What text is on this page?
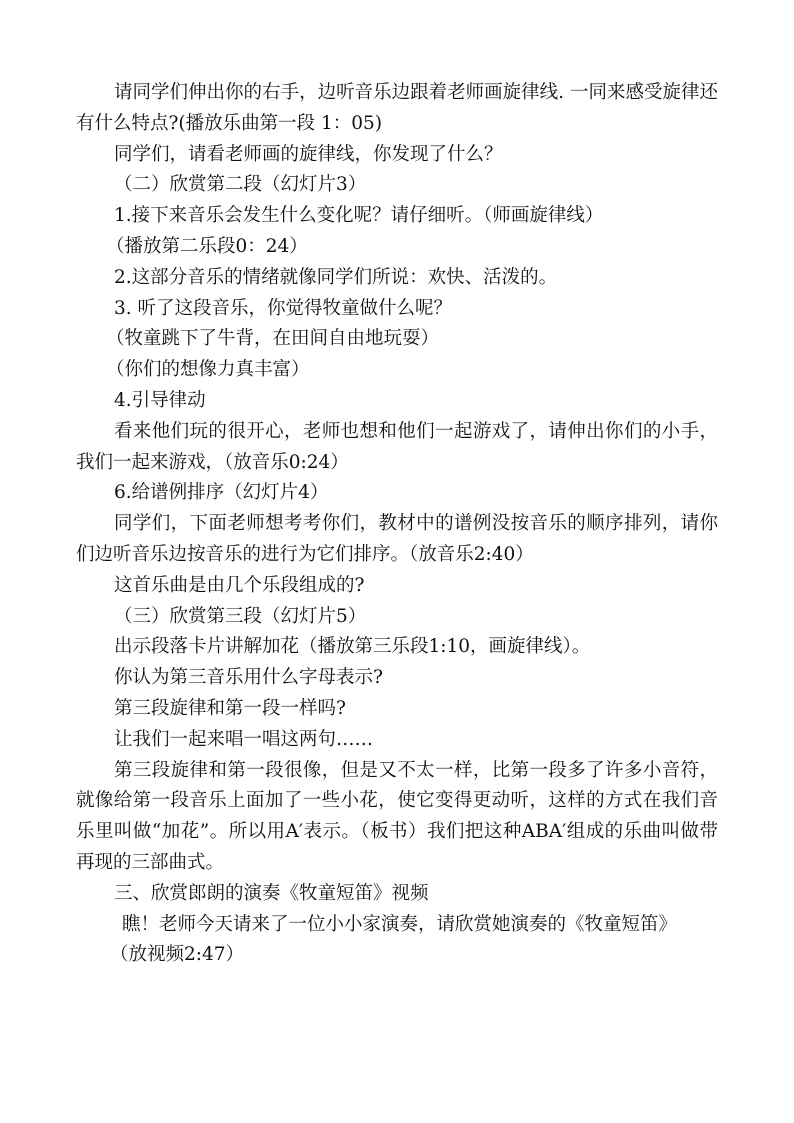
请同学们伸出你的右手，边听音乐边跟着老师画旋律线. 一同来感受旋律还有什么特点?(播放乐曲第一段 1：05)

同学们，请看老师画的旋律线，你发现了什么？

（二）欣赏第二段（幻灯片3）

1.接下来音乐会发生什么变化呢？请仔细听。（师画旋律线）

（播放第二乐段0：24）

2.这部分音乐的情绪就像同学们所说：欢快、活泼的。

3. 听了这段音乐，你觉得牧童做什么呢？

（牧童跳下了牛背，在田间自由地玩耍）

（你们的想像力真丰富）

4.引导律动

看来他们玩的很开心，老师也想和他们一起游戏了，请伸出你们的小手，我们一起来游戏，（放音乐0:24）

6.给谱例排序（幻灯片4）

同学们，下面老师想考考你们，教材中的谱例没按音乐的顺序排列，请你们边听音乐边按音乐的进行为它们排序。（放音乐2:40）

这首乐曲是由几个乐段组成的?

（三）欣赏第三段（幻灯片5）

出示段落卡片讲解加花（播放第三乐段1:10，画旋律线）。

你认为第三音乐用什么字母表示?

第三段旋律和第一段一样吗?

让我们一起来唱一唱这两句……

第三段旋律和第一段很像，但是又不太一样，比第一段多了许多小音符，就像给第一段音乐上面加了一些小花，使它变得更动听，这样的方式在我们音乐里叫做“加花”。所以用A′表示。（板书）我们把这种ABA′组成的乐曲叫做带再现的三部曲式。

三、欣赏郎朗的演奏《牧童短笛》视频

瞧！老师今天请来了一位小小家演奏，请欣赏她演奏的《牧童短笛》

（放视频2:47）
